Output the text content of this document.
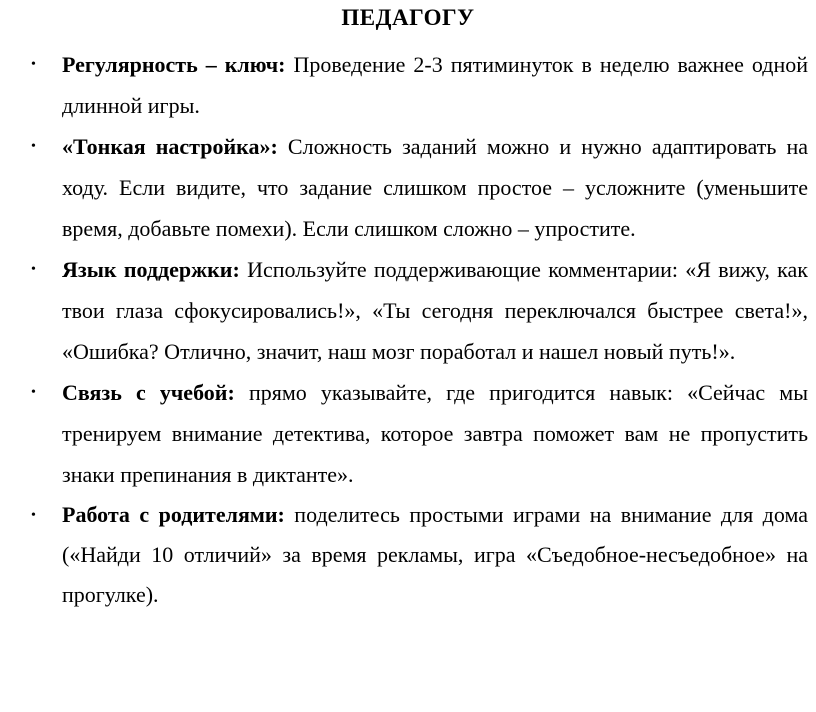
ПЕДАГОГУ
• Регулярность – ключ: Проведение 2-3 пятиминуток в неделю важнее одной длинной игры.
• «Тонкая настройка»: Сложность заданий можно и нужно адаптировать на ходу. Если видите, что задание слишком простое – усложните (уменьшите время, добавьте помехи). Если слишком сложно – упростите.
• Язык поддержки: Используйте поддерживающие комментарии: «Я вижу, как твои глаза сфокусировались!», «Ты сегодня переключался быстрее света!», «Ошибка? Отлично, значит, наш мозг поработал и нашел новый путь!».
• Связь с учебой: прямо указывайте, где пригодится навык: «Сейчас мы тренируем внимание детектива, которое завтра поможет вам не пропустить знаки препинания в диктанте».
• Работа с родителями: поделитесь простыми играми на внимание для дома («Найди 10 отличий» за время рекламы, игра «Съедобное-несъедобное» на прогулке).
